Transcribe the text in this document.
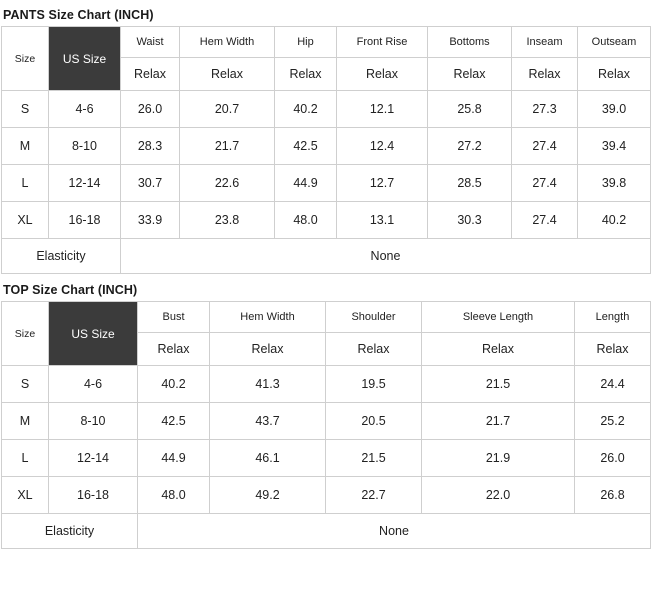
PANTS Size Chart (INCH)
Size	US Size	Waist	Hem Width	Hip	Front Rise	Bottoms	Inseam	Outseam
		Relax	Relax	Relax	Relax	Relax	Relax	Relax
S	4-6	26.0	20.7	40.2	12.1	25.8	27.3	39.0
M	8-10	28.3	21.7	42.5	12.4	27.2	27.4	39.4
L	12-14	30.7	22.6	44.9	12.7	28.5	27.4	39.8
XL	16-18	33.9	23.8	48.0	13.1	30.3	27.4	40.2
Elasticity		None						
TOP Size Chart (INCH)
Size	US Size	Bust	Hem Width	Shoulder	Sleeve Length	Length
		Relax	Relax	Relax	Relax	Relax
S	4-6	40.2	41.3	19.5	21.5	24.4
M	8-10	42.5	43.7	20.5	21.7	25.2
L	12-14	44.9	46.1	21.5	21.9	26.0
XL	16-18	48.0	49.2	22.7	22.0	26.8
Elasticity		None				
